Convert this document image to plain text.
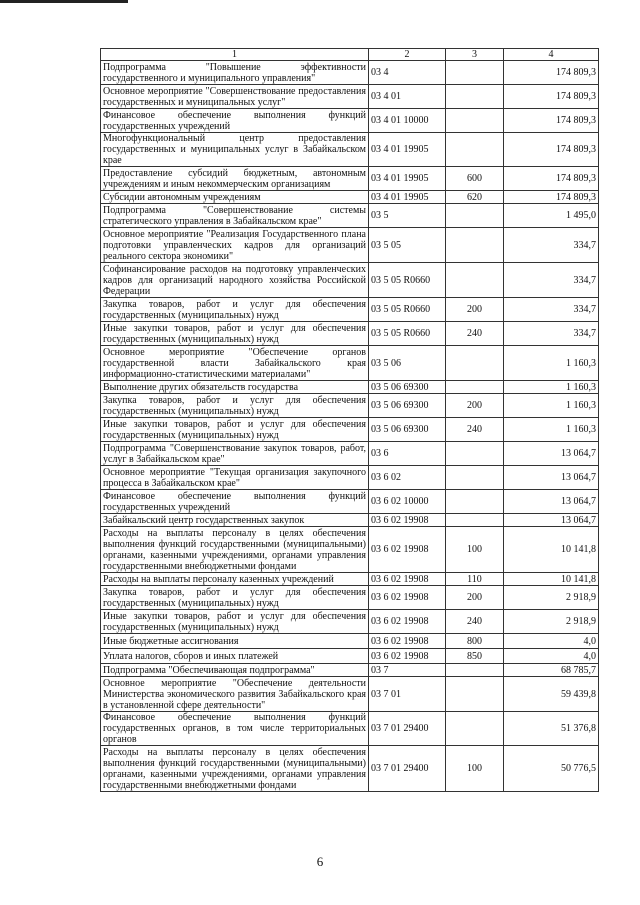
1	2	3	4
Подпрограмма "Повышение эффективности государственного и муниципального управления"	03 4		174 809,3
Основное мероприятие "Совершенствование предоставления государственных и муниципальных услуг"	03 4 01		174 809,3
Финансовое обеспечение выполнения функций государственных учреждений	03 4 01 10000		174 809,3
Многофункциональный центр предоставления государственных и муниципальных услуг в Забайкальском крае	03 4 01 19905		174 809,3
Предоставление субсидий бюджетным, автономным учреждениям и иным некоммерческим организациям	03 4 01 19905	600	174 809,3
Субсидии автономным учреждениям	03 4 01 19905	620	174 809,3
Подпрограмма "Совершенствование системы стратегического управления в Забайкальском крае"	03 5		1 495,0
Основное мероприятие "Реализация Государственного плана подготовки управленческих кадров для организаций реального сектора экономики"	03 5 05		334,7
Софинансирование расходов на подготовку управленческих кадров для организаций народного хозяйства Российской Федерации	03 5 05 R0660		334,7
Закупка товаров, работ и услуг для обеспечения государственных (муниципальных) нужд	03 5 05 R0660	200	334,7
Иные закупки товаров, работ и услуг для обеспечения государственных (муниципальных) нужд	03 5 05 R0660	240	334,7
Основное мероприятие "Обеспечение органов государственной власти Забайкальского края информационно-статистическими материалами"	03 5 06		1 160,3
Выполнение других обязательств государства	03 5 06 69300		1 160,3
Закупка товаров, работ и услуг для обеспечения государственных (муниципальных) нужд	03 5 06 69300	200	1 160,3
Иные закупки товаров, работ и услуг для обеспечения государственных (муниципальных) нужд	03 5 06 69300	240	1 160,3
Подпрограмма "Совершенствование закупок товаров, работ, услуг в Забайкальском крае"	03 6		13 064,7
Основное мероприятие "Текущая организация закупочного процесса в Забайкальском крае"	03 6 02		13 064,7
Финансовое обеспечение выполнения функций государственных учреждений	03 6 02 10000		13 064,7
Забайкальский центр государственных закупок	03 6 02 19908		13 064,7
Расходы на выплаты персоналу в целях обеспечения выполнения функций государственными (муниципальными) органами, казенными учреждениями, органами управления государственными внебюджетными фондами	03 6 02 19908	100	10 141,8
Расходы на выплаты персоналу казенных учреждений	03 6 02 19908	110	10 141,8
Закупка товаров, работ и услуг для обеспечения государственных (муниципальных) нужд	03 6 02 19908	200	2 918,9
Иные закупки товаров, работ и услуг для обеспечения государственных (муниципальных) нужд	03 6 02 19908	240	2 918,9
Иные бюджетные ассигнования	03 6 02 19908	800	4,0
Уплата налогов, сборов и иных платежей	03 6 02 19908	850	4,0
Подпрограмма "Обеспечивающая подпрограмма"	03 7		68 785,7
Основное мероприятие "Обеспечение деятельности Министерства экономического развития Забайкальского края в установленной сфере деятельности"	03 7 01		59 439,8
Финансовое обеспечение выполнения функций государственных органов, в том числе территориальных органов	03 7 01 29400		51 376,8
Расходы на выплаты персоналу в целях обеспечения выполнения функций государственными (муниципальными) органами, казенными учреждениями, органами управления государственными внебюджетными фондами	03 7 01 29400	100	50 776,5
6
